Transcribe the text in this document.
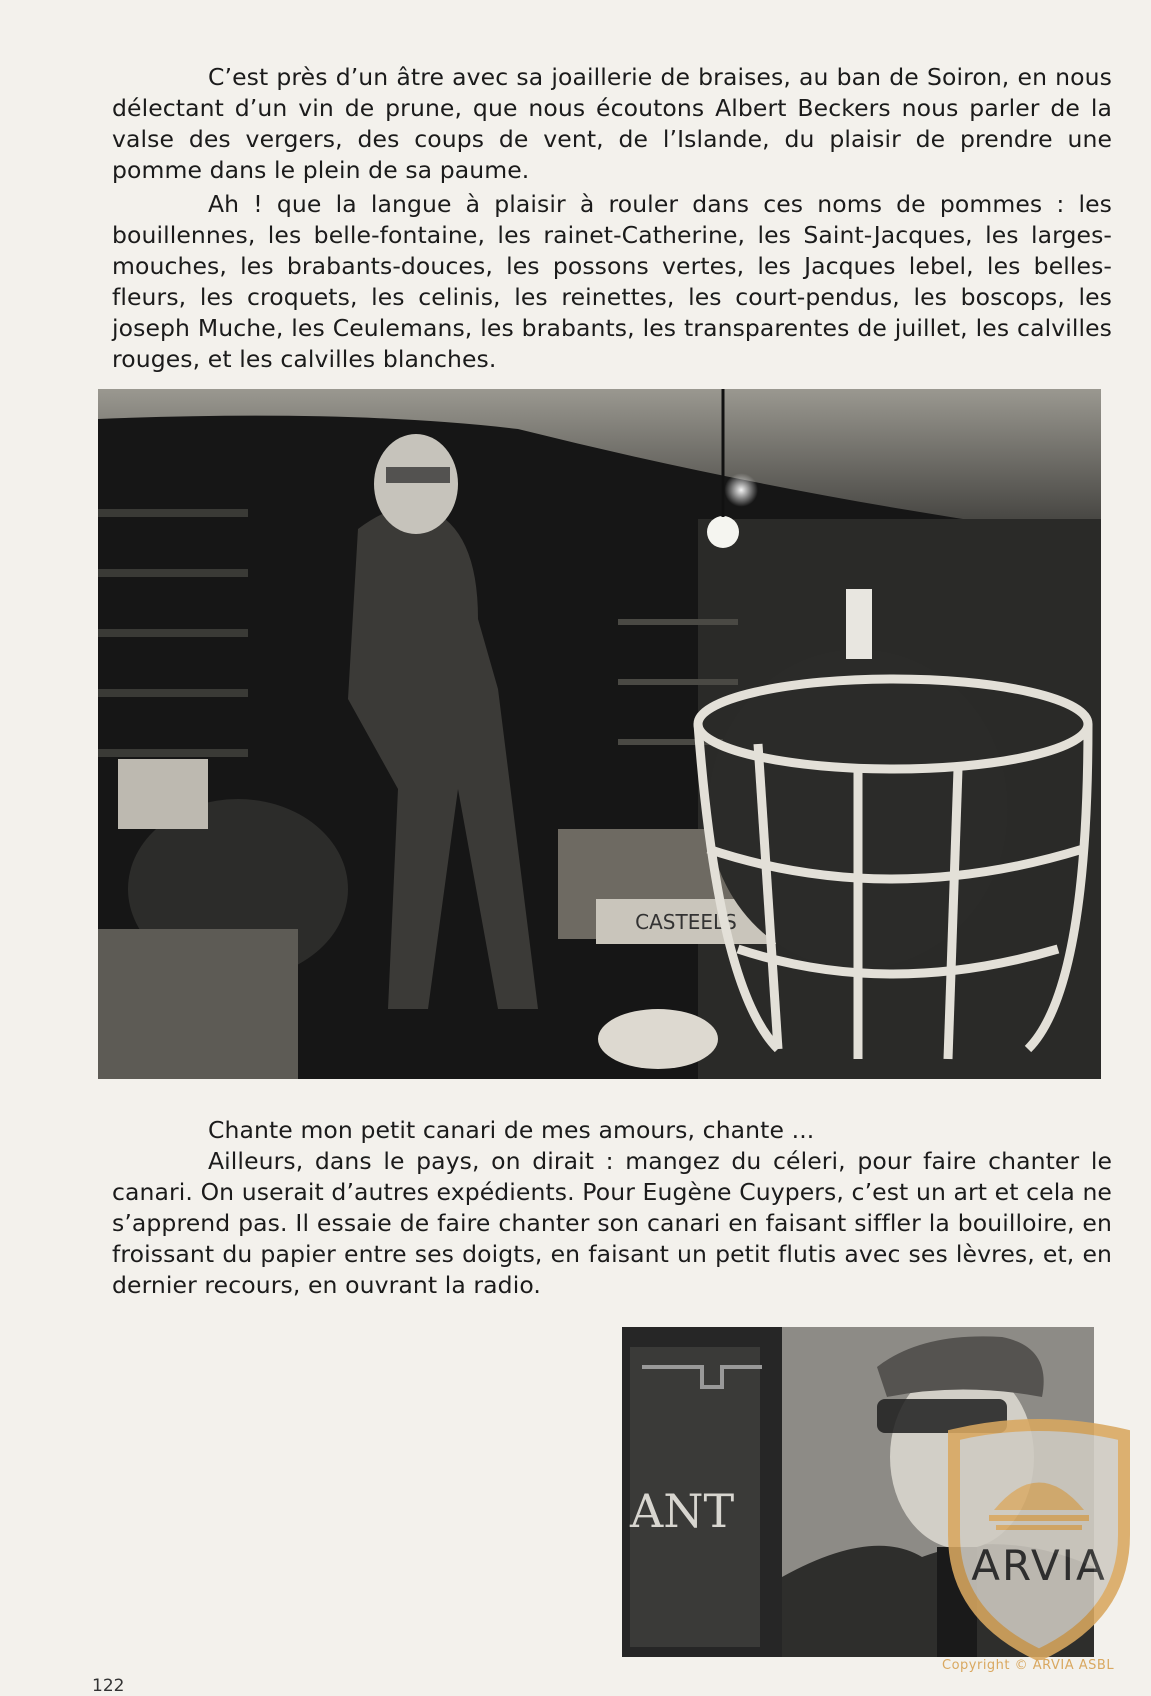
C’est près d’un âtre avec sa joaillerie de braises, au ban de Soiron, en nous délectant d’un vin de prune, que nous écoutons Albert Beckers nous parler de la valse des vergers, des coups de vent, de l’Islande, du plaisir de prendre une pomme dans le plein de sa paume.
Ah ! que la langue à plaisir à rouler dans ces noms de pommes : les bouillennes, les belle-fontaine, les rainet-Catherine, les Saint-Jacques, les larges-mouches, les brabants-douces, les possons vertes, les Jacques lebel, les belles-fleurs, les croquets, les celinis, les reinettes, les court-pendus, les boscops, les joseph Muche, les Ceulemans, les brabants, les transparentes de juillet, les calvilles rouges, et les calvilles blanches.
CASTEELS
Chante mon petit canari de mes amours, chante ...
Ailleurs, dans le pays, on dirait : mangez du céleri, pour faire chanter le canari. On userait d’autres expédients. Pour Eugène Cuypers, c’est un art et cela ne s’apprend pas. Il essaie de faire chanter son canari en faisant siffler la bouilloire, en froissant du papier entre ses doigts, en faisant un petit flutis avec ses lèvres, et, en dernier recours, en ouvrant la radio.
ANT
ARVIA
Copyright © ARVIA ASBL
122
